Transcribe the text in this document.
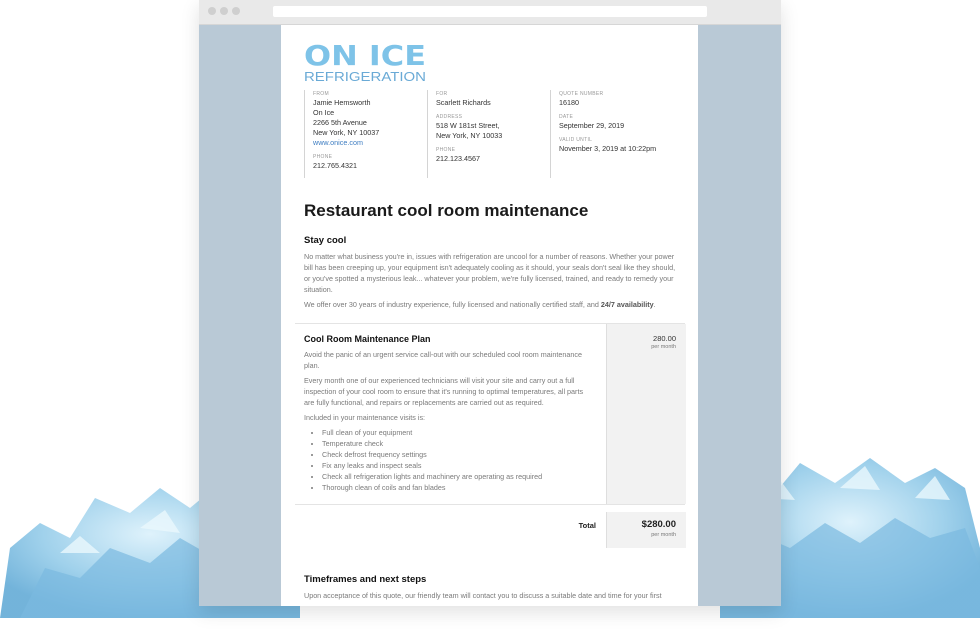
ON ICE
REFRIGERATION
FROM
Jamie Hemsworth
On Ice
2266 5th Avenue
New York, NY 10037
www.onice.com
PHONE
212.765.4321
FOR
Scarlett Richards
ADDRESS
518 W 181st Street,
New York, NY 10033
PHONE
212.123.4567
QUOTE NUMBER
16180
DATE
September 29, 2019
VALID UNTIL
November 3, 2019 at 10:22pm
Restaurant cool room maintenance
Stay cool

No matter what business you're in, issues with refrigeration are uncool for a number of reasons. Whether your power bill has been creeping up, your equipment isn't adequately cooling as it should, your seals don't seal like they should, or you've spotted a mysterious leak... whatever your problem, we're fully licensed, trained, and ready to remedy your situation.

We offer over 30 years of industry experience, fully licensed and nationally certified staff, and 24/7 availability.

Cool Room Maintenance Plan

Avoid the panic of an urgent service call-out with our scheduled cool room maintenance plan.

Every month one of our experienced technicians will visit your site and carry out a full inspection of your cool room to ensure that it's running to optimal temperatures, all parts are fully functional, and repairs or replacements are carried out as required.

Included in your maintenance visits is:

• Full clean of your equipment
• Temperature check
• Check defrost frequency settings
• Fix any leaks and inspect seals
• Check all refrigeration lights and machinery are operating as required
• Thorough clean of coils and fan blades
280.00
per month
Total	$280.00
per month
Timeframes and next steps

Upon acceptance of this quote, our friendly team will contact you to discuss a suitable date and time for your first
